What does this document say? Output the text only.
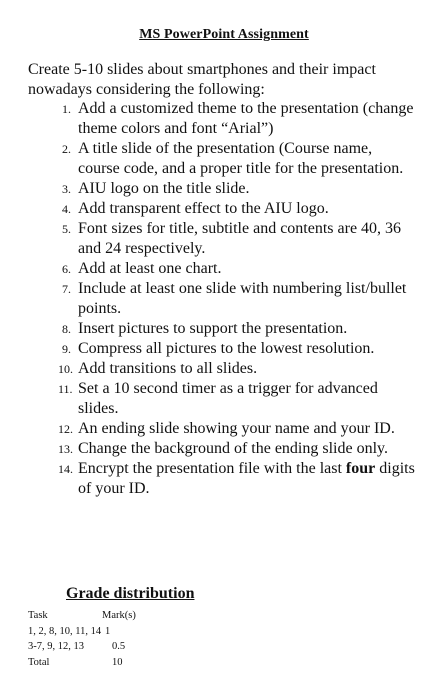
MS PowerPoint Assignment
Create 5-10 slides about smartphones and their impact nowadays considering the following:
1. Add a customized theme to the presentation (change theme colors and font “Arial”)
2. A title slide of the presentation (Course name, course code, and a proper title for the presentation.
3. AIU logo on the title slide.
4. Add transparent effect to the AIU logo.
5. Font sizes for title, subtitle and contents are 40, 36 and 24 respectively.
6. Add at least one chart.
7. Include at least one slide with numbering list/bullet points.
8. Insert pictures to support the presentation.
9. Compress all pictures to the lowest resolution.
10. Add transitions to all slides.
11. Set a 10 second timer as a trigger for advanced slides.
12. An ending slide showing your name and your ID.
13. Change the background of the ending slide only.
14. Encrypt the presentation file with the last four digits of your ID.
Grade distribution
Task	Mark(s)
1, 2, 8, 10, 11, 14 1
3-7, 9, 12, 13	0.5
Total	10
